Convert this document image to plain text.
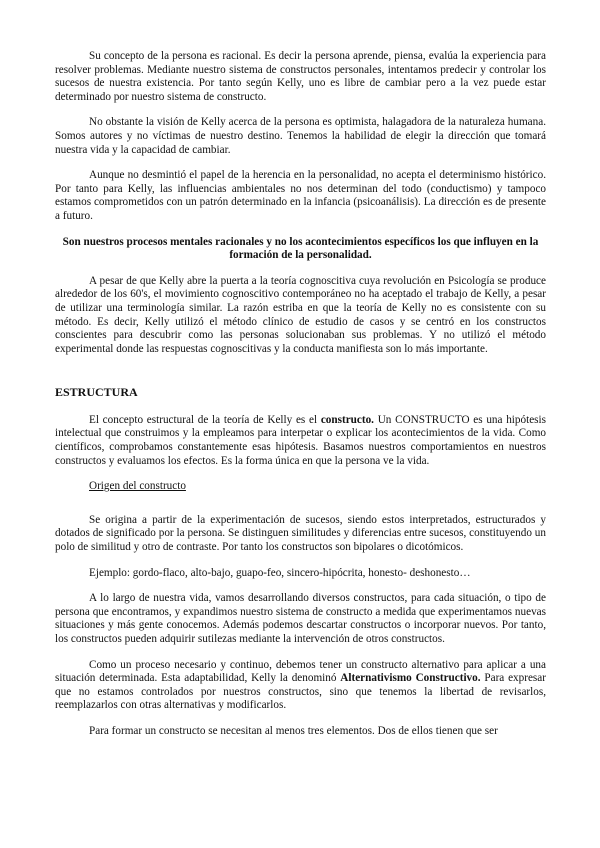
Su concepto de la persona es racional. Es decir la persona aprende, piensa, evalúa la experiencia para resolver problemas. Mediante nuestro sistema de constructos personales, intentamos predecir y controlar los sucesos de nuestra existencia. Por tanto según Kelly, uno es libre de cambiar pero a la vez puede estar determinado por nuestro sistema de constructo.

No obstante la visión de Kelly acerca de la persona es optimista, halagadora de la naturaleza humana. Somos autores y no víctimas de nuestro destino. Tenemos la habilidad de elegir la dirección que tomará nuestra vida y la capacidad de cambiar.

Aunque no desmintió el papel de la herencia en la personalidad, no acepta el determinismo histórico. Por tanto para Kelly, las influencias ambientales no nos determinan del todo (conductismo) y tampoco estamos comprometidos con un patrón determinado en la infancia (psicoanálisis). La dirección es de presente a futuro.

Son nuestros procesos mentales racionales y no los acontecimientos específicos los que influyen en la formación de la personalidad.

A pesar de que Kelly abre la puerta a la teoría cognoscitiva cuya revolución en Psicología se produce alrededor de los 60's, el movimiento cognoscitivo contemporáneo no ha aceptado el trabajo de Kelly, a pesar de utilizar una terminología similar. La razón estriba en que la teoría de Kelly no es consistente con su método. Es decir, Kelly utilizó el método clínico de estudio de casos y se centró en los constructos conscientes para descubrir como las personas solucionaban sus problemas. Y no utilizó el método experimental donde las respuestas cognoscitivas y la conducta manifiesta son lo más importante.

ESTRUCTURA

El concepto estructural de la teoría de Kelly es el constructo. Un CONSTRUCTO es una hipótesis intelectual que construimos y la empleamos para interpetar o explicar los acontecimientos de la vida. Como científicos, comprobamos constantemente esas hipótesis. Basamos nuestros comportamientos en nuestros constructos y evaluamos los efectos. Es la forma única en que la persona ve la vida.

Origen del constructo

Se origina a partir de la experimentación de sucesos, siendo estos interpretados, estructurados y dotados de significado por la persona. Se distinguen similitudes y diferencias entre sucesos, constituyendo un polo de similitud y otro de contraste. Por tanto los constructos son bipolares o dicotómicos.

Ejemplo: gordo-flaco, alto-bajo, guapo-feo, sincero-hipócrita, honesto- deshonesto…

A lo largo de nuestra vida, vamos desarrollando diversos constructos, para cada situación, o tipo de persona que encontramos, y expandimos nuestro sistema de constructo a medida que experimentamos nuevas situaciones y más gente conocemos. Además podemos descartar constructos o incorporar nuevos. Por tanto, los constructos pueden adquirir sutilezas mediante la intervención de otros constructos.

Como un proceso necesario y continuo, debemos tener un constructo alternativo para aplicar a una situación determinada. Esta adaptabilidad, Kelly la denominó Alternativismo Constructivo. Para expresar que no estamos controlados por nuestros constructos, sino que tenemos la libertad de revisarlos, reemplazarlos con otras alternativas y modificarlos.

Para formar un constructo se necesitan al menos tres elementos. Dos de ellos tienen que ser
